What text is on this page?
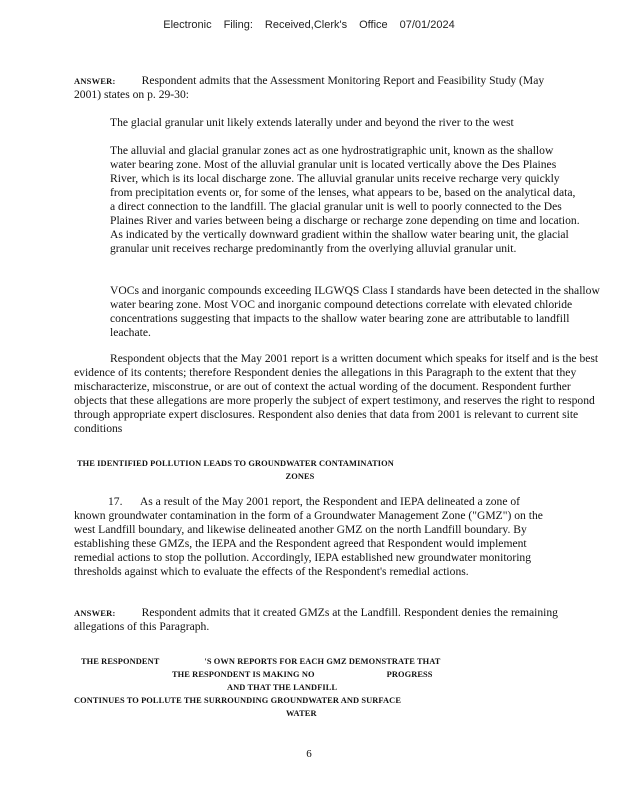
Electronic Filing: Received,Clerk's Office 07/01/2024

ANSWER: Respondent admits that the Assessment Monitoring Report and Feasibility Study (May 2001) states on p. 29-30:

The glacial granular unit likely extends laterally under and beyond the river to the west

The alluvial and glacial granular zones act as one hydrostratigraphic unit, known as the shallow water bearing zone. Most of the alluvial granular unit is located vertically above the Des Plaines River, which is its local discharge zone. The alluvial granular units receive recharge very quickly from precipitation events or, for some of the lenses, what appears to be, based on the analytical data, a direct connection to the landfill. The glacial granular unit is well to poorly connected to the Des Plaines River and varies between being a discharge or recharge zone depending on time and location. As indicated by the vertically downward gradient within the shallow water bearing unit, the glacial granular unit receives recharge predominantly from the overlying alluvial granular unit.

VOCs and inorganic compounds exceeding ILGWQS Class I standards have been detected in the shallow water bearing zone. Most VOC and inorganic compound detections correlate with elevated chloride concentrations suggesting that impacts to the shallow water bearing zone are attributable to landfill leachate.

Respondent objects that the May 2001 report is a written document which speaks for itself and is the best evidence of its contents; therefore Respondent denies the allegations in this Paragraph to the extent that they mischaracterize, misconstrue, or are out of context the actual wording of the document. Respondent further objects that these allegations are more properly the subject of expert testimony, and reserves the right to respond through appropriate expert disclosures. Respondent also denies that data from 2001 is relevant to current site conditions

THE IDENTIFIED POLLUTION LEADS TO GROUNDWATER CONTAMINATION
ZONES

17. As a result of the May 2001 report, the Respondent and IEPA delineated a zone of known groundwater contamination in the form of a Groundwater Management Zone ("GMZ") on the west Landfill boundary, and likewise delineated another GMZ on the north Landfill boundary. By establishing these GMZs, the IEPA and the Respondent agreed that Respondent would implement remedial actions to stop the pollution. Accordingly, IEPA established new groundwater monitoring thresholds against which to evaluate the effects of the Respondent's remedial actions.

ANSWER: Respondent admits that it created GMZs at the Landfill. Respondent denies the remaining allegations of this Paragraph.

THE RESPONDENT	'S OWN REPORTS FOR EACH GMZ DEMONSTRATE THAT
THE RESPONDENT IS MAKING NO	PROGRESS
AND THAT THE LANDFILL
CONTINUES TO POLLUTE THE SURROUNDING GROUNDWATER AND SURFACE
WATER
6
